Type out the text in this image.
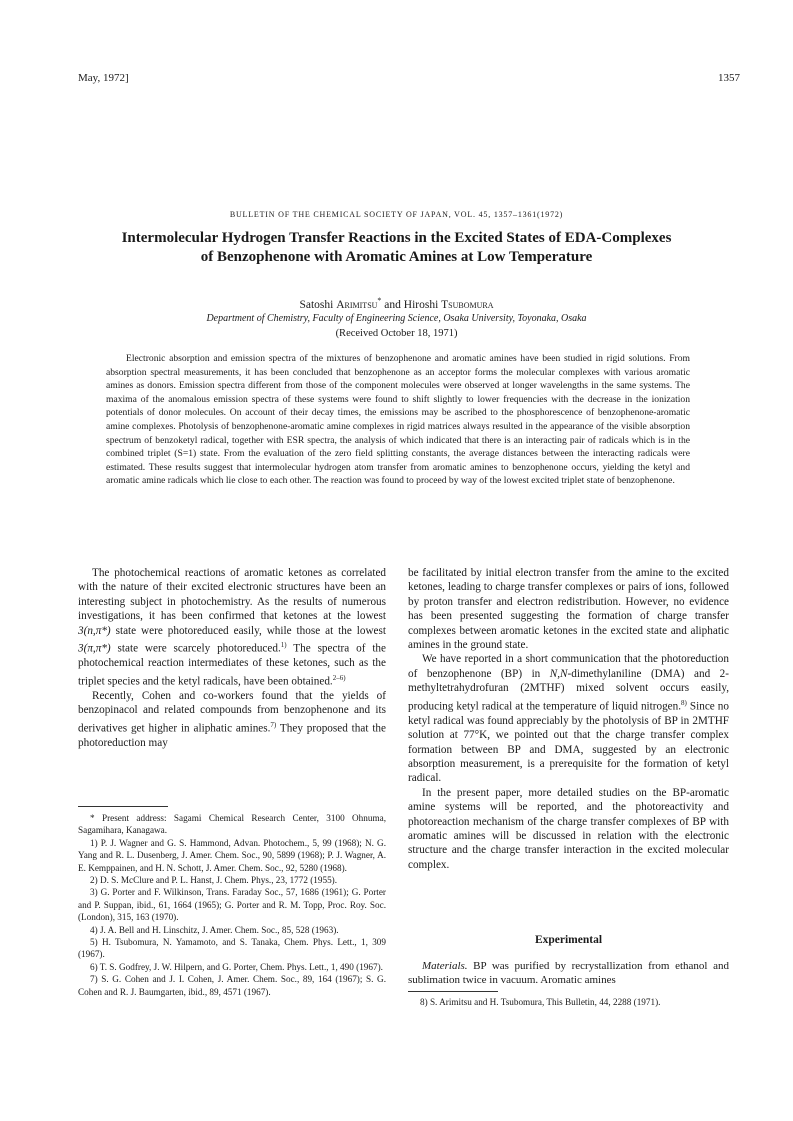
May, 1972]	1357
BULLETIN OF THE CHEMICAL SOCIETY OF JAPAN, VOL. 45, 1357–1361(1972)
Intermolecular Hydrogen Transfer Reactions in the Excited States of EDA-Complexes of Benzophenone with Aromatic Amines at Low Temperature
Satoshi Arimitsu* and Hiroshi Tsubomura
Department of Chemistry, Faculty of Engineering Science, Osaka University, Toyonaka, Osaka
(Received October 18, 1971)
Electronic absorption and emission spectra of the mixtures of benzophenone and aromatic amines have been studied in rigid solutions. From absorption spectral measurements, it has been concluded that benzophenone as an acceptor forms the molecular complexes with various aromatic amines as donors. Emission spectra different from those of the component molecules were observed at longer wavelengths in the same systems. The maxima of the anomalous emission spectra of these systems were found to shift slightly to lower frequencies with the decrease in the ionization potentials of donor molecules. On account of their decay times, the emissions may be ascribed to the phosphorescence of benzophenone-aromatic amine complexes. Photolysis of benzophenone-aromatic amine complexes in rigid matrices always resulted in the appearance of the visible absorption spectrum of benzoketyl radical, together with ESR spectra, the analysis of which indicated that there is an interacting pair of radicals which is in the combined triplet (S=1) state. From the evaluation of the zero field splitting constants, the average distances between the interacting radicals were estimated. These results suggest that intermolecular hydrogen atom transfer from aromatic amines to benzophenone occurs, yielding the ketyl and aromatic amine radicals which lie close to each other. The reaction was found to proceed by way of the lowest excited triplet state of benzophenone.

The photochemical reactions of aromatic ketones as correlated with the nature of their excited electronic structures have been an interesting subject in photochemistry. As the results of numerous investigations, it has been confirmed that ketones at the lowest 3(n,π*) state were photoreduced easily, while those at the lowest 3(π,π*) state were scarcely photoreduced.$^{1)}$ The spectra of the photochemical reaction intermediates of these ketones, such as the triplet species and the ketyl radicals, have been obtained.$^{2-6)}$

Recently, Cohen and co-workers found that the yields of benzopinacol and related compounds from benzophenone and its derivatives get higher in aliphatic amines.$^{7)}$ They proposed that the photoreduction may

* Present address: Sagami Chemical Research Center, 3100 Ohnuma, Sagamihara, Kanagawa.

1) P. J. Wagner and G. S. Hammond, Advan. Photochem., 5, 99 (1968); N. G. Yang and R. L. Dusenberg, J. Amer. Chem. Soc., 90, 5899 (1968); P. J. Wagner, A. E. Kemppainen, and H. N. Schott, J. Amer. Chem. Soc., 92, 5280 (1968).

2) D. S. McClure and P. L. Hanst, J. Chem. Phys., 23, 1772 (1955).

3) G. Porter and F. Wilkinson, Trans. Faraday Soc., 57, 1686 (1961); G. Porter and P. Suppan, ibid., 61, 1664 (1965); G. Porter and R. M. Topp, Proc. Roy. Soc. (London), 315, 163 (1970).

4) J. A. Bell and H. Linschitz, J. Amer. Chem. Soc., 85, 528 (1963).

5) H. Tsubomura, N. Yamamoto, and S. Tanaka, Chem. Phys. Lett., 1, 309 (1967).

6) T. S. Godfrey, J. W. Hilpern, and G. Porter, Chem. Phys. Lett., 1, 490 (1967).

7) S. G. Cohen and J. I. Cohen, J. Amer. Chem. Soc., 89, 164 (1967); S. G. Cohen and R. J. Baumgarten, ibid., 89, 4571 (1967).

be facilitated by initial electron transfer from the amine to the excited ketones, leading to charge transfer complexes or pairs of ions, followed by proton transfer and electron redistribution. However, no evidence has been presented suggesting the formation of charge transfer complexes between aromatic ketones in the excited state and aliphatic amines in the ground state.

We have reported in a short communication that the photoreduction of benzophenone (BP) in N,N-dimethylaniline (DMA) and 2-methyltetrahydrofuran (2MTHF) mixed solvent occurs easily, producing ketyl radical at the temperature of liquid nitrogen.$^{8)}$ Since no ketyl radical was found appreciably by the photolysis of BP in 2MTHF solution at 77°K, we pointed out that the charge transfer complex formation between BP and DMA, suggested by an electronic absorption measurement, is a prerequisite for the formation of ketyl radical.

In the present paper, more detailed studies on the BP-aromatic amine systems will be reported, and the photoreactivity and photoreaction mechanism of the charge transfer complexes of BP with aromatic amines will be discussed in relation with the electronic structure and the charge transfer interaction in the excited molecular complex.

Experimental
Materials. BP was purified by recrystallization from ethanol and sublimation twice in vacuum. Aromatic amines
8) S. Arimitsu and H. Tsubomura, This Bulletin, 44, 2288 (1971).
